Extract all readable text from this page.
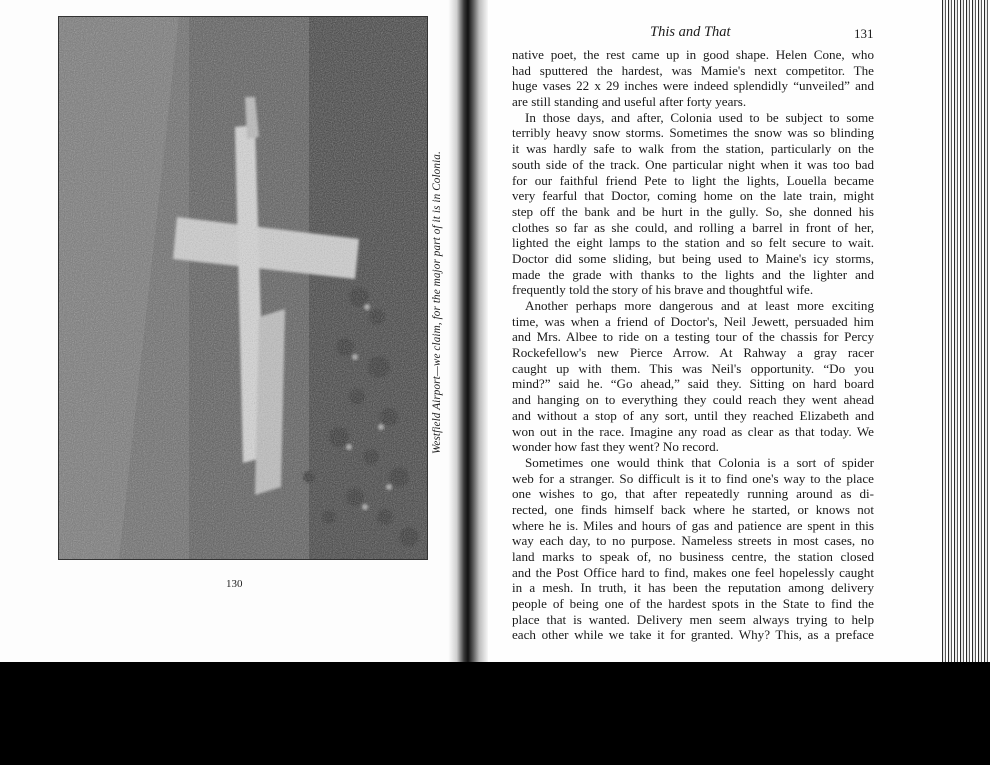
Westfield Airport—we claim, for the major part of it is in Colonia.
130
This and That	131
native poet, the rest came up in good shape. Helen Cone, who
had sputtered the hardest, was Mamie's next competitor. The
huge vases 22 x 29 inches were indeed splendidly “unveiled” and
are still standing and useful after forty years.
In those days, and after, Colonia used to be subject to some
terribly heavy snow storms. Sometimes the snow was so blinding
it was hardly safe to walk from the station, particularly on the
south side of the track. One particular night when it was too bad
for our faithful friend Pete to light the lights, Louella became
very fearful that Doctor, coming home on the late train, might
step off the bank and be hurt in the gully. So, she donned his
clothes so far as she could, and rolling a barrel in front of her,
lighted the eight lamps to the station and so felt secure to wait.
Doctor did some sliding, but being used to Maine's icy storms,
made the grade with thanks to the lights and the lighter and
frequently told the story of his brave and thoughtful wife.
Another perhaps more dangerous and at least more exciting
time, was when a friend of Doctor's, Neil Jewett, persuaded him
and Mrs. Albee to ride on a testing tour of the chassis for Percy
Rockefellow's new Pierce Arrow. At Rahway a gray racer
caught up with them. This was Neil's opportunity. “Do you
mind?” said he. “Go ahead,” said they. Sitting on hard board
and hanging on to everything they could reach they went ahead
and without a stop of any sort, until they reached Elizabeth and
won out in the race. Imagine any road as clear as that today. We
wonder how fast they went? No record.
Sometimes one would think that Colonia is a sort of spider
web for a stranger. So difficult is it to find one's way to the place
one wishes to go, that after repeatedly running around as di-
rected, one finds himself back where he started, or knows not
where he is. Miles and hours of gas and patience are spent in this
way each day, to no purpose. Nameless streets in most cases, no
land marks to speak of, no business centre, the station closed
and the Post Office hard to find, makes one feel hopelessly caught
in a mesh. In truth, it has been the reputation among delivery
people of being one of the hardest spots in the State to find the
place that is wanted. Delivery men seem always trying to help
each other while we take it for granted. Why? This, as a preface
